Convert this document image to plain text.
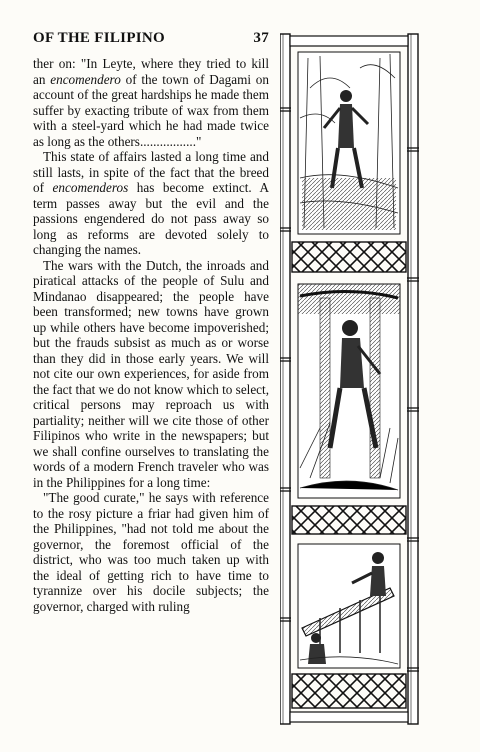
OF THE FILIPINO	37

ther on: "In Leyte, where they tried to kill an encomendero of the town of Dagami on account of the great hardships he made them suffer by exacting tribute of wax from them with a steel-yard which he had made twice as long as the others................."

This state of affairs lasted a long time and still lasts, in spite of the fact that the breed of encomenderos has become extinct. A term passes away but the evil and the passions engendered do not pass away so long as reforms are devoted solely to changing the names.

The wars with the Dutch, the inroads and piratical attacks of the people of Sulu and Mindanao disappeared; the people have been transformed; new towns have grown up while others have become impoverished; but the frauds subsist as much as or worse than they did in those early years. We will not cite our own experiences, for aside from the fact that we do not know which to select, critical persons may reproach us with partiality; neither will we cite those of other Filipinos who write in the newspapers; but we shall confine ourselves to translating the words of a modern French traveler who was in the Philippines for a long time:

"The good curate," he says with reference to the rosy picture a friar had given him of the Philippines, "had not told me about the governor, the foremost official of the district, who was too much taken up with the ideal of getting rich to have time to tyrannize over his docile subjects; the governor, charged with ruling
